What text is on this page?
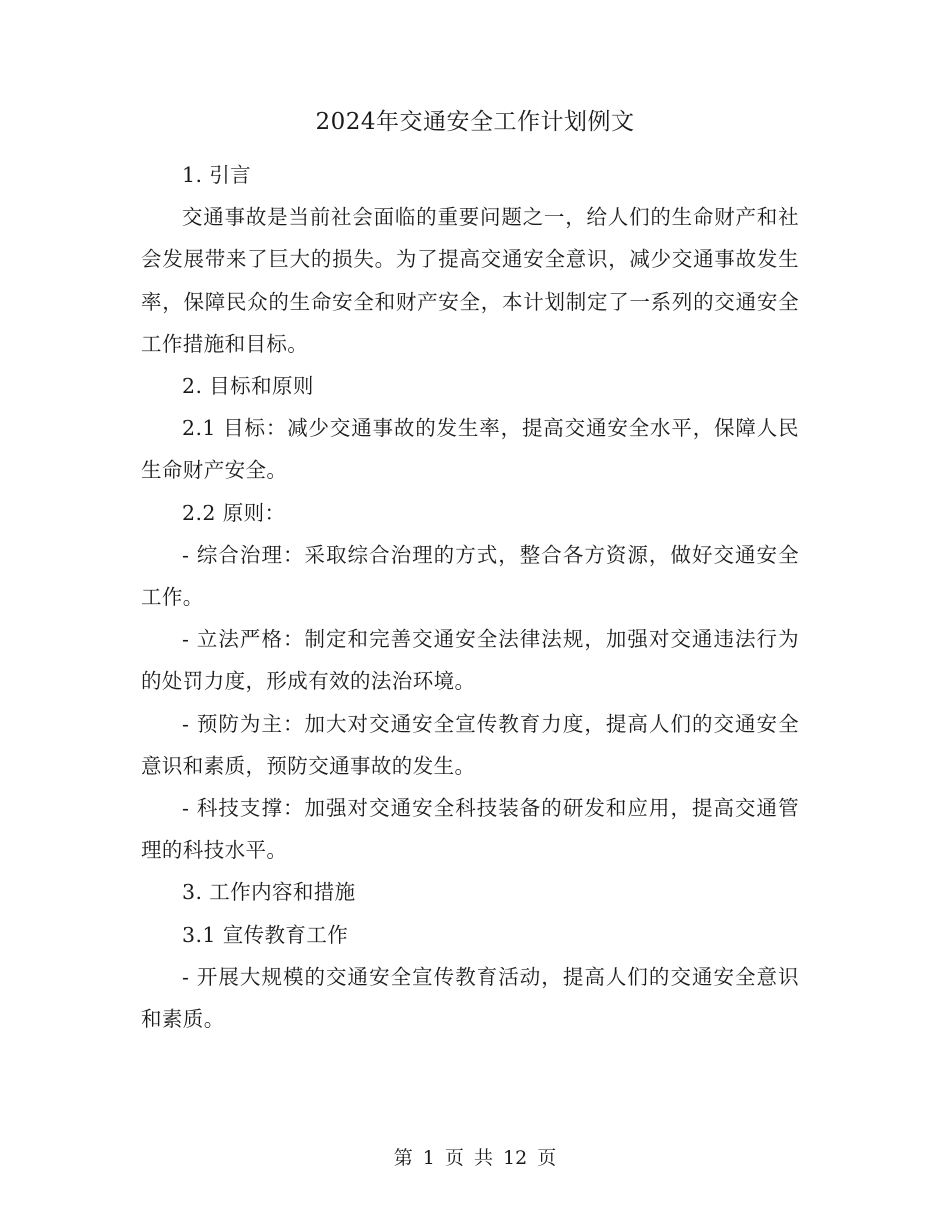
2024年交通安全工作计划例文

1. 引言

交通事故是当前社会面临的重要问题之一，给人们的生命财产和社会发展带来了巨大的损失。为了提高交通安全意识，减少交通事故发生率，保障民众的生命安全和财产安全，本计划制定了一系列的交通安全工作措施和目标。

2. 目标和原则

2.1 目标：减少交通事故的发生率，提高交通安全水平，保障人民生命财产安全。

2.2 原则：

- 综合治理：采取综合治理的方式，整合各方资源，做好交通安全工作。

- 立法严格：制定和完善交通安全法律法规，加强对交通违法行为的处罚力度，形成有效的法治环境。

- 预防为主：加大对交通安全宣传教育力度，提高人们的交通安全意识和素质，预防交通事故的发生。

- 科技支撑：加强对交通安全科技装备的研发和应用，提高交通管理的科技水平。

3. 工作内容和措施

3.1 宣传教育工作

- 开展大规模的交通安全宣传教育活动，提高人们的交通安全意识和素质。

第 1 页 共 12 页
